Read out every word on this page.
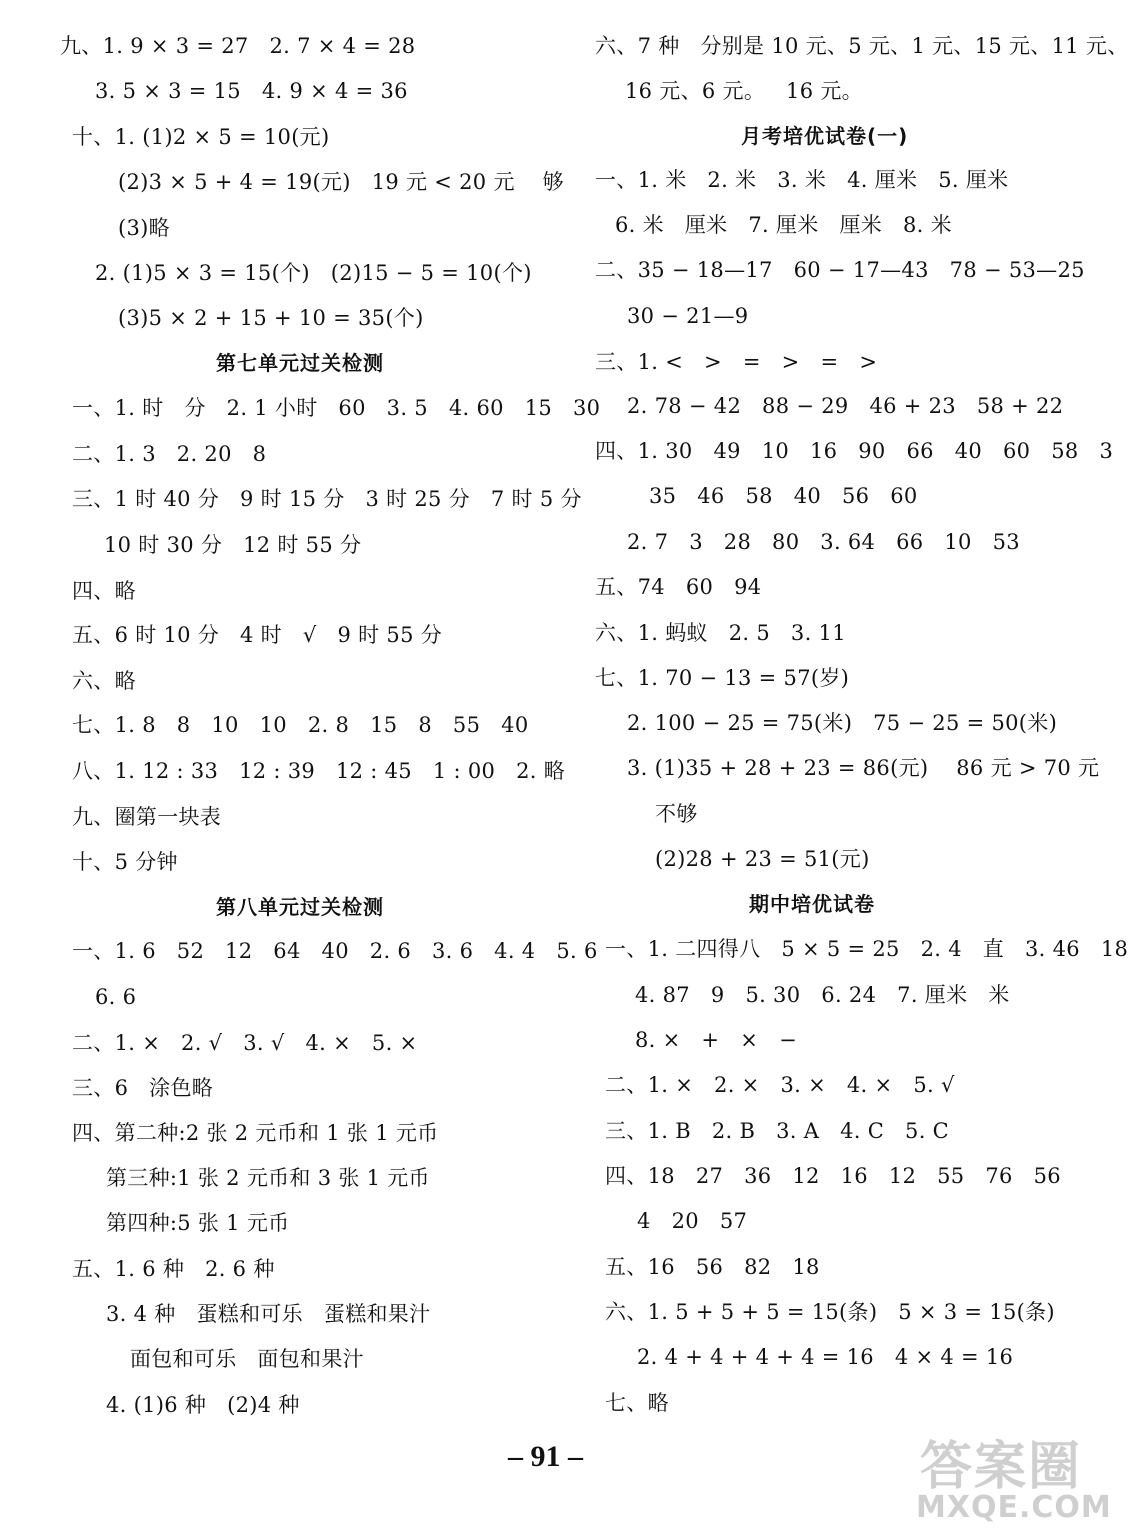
九、1. 9 × 3 = 27   2. 7 × 4 = 28
3. 5 × 3 = 15   4. 9 × 4 = 36
十、1. (1)2 × 5 = 10(元)
(2)3 × 5 + 4 = 19(元)   19 元 < 20 元    够
(3)略
2. (1)5 × 3 = 15(个)   (2)15 − 5 = 10(个)
(3)5 × 2 + 15 + 10 = 35(个)
第七单元过关检测
一、1. 时   分   2. 1 小时   60   3. 5   4. 60   15   30
二、1. 3   2. 20   8
三、1 时 40 分   9 时 15 分   3 时 25 分   7 时 5 分
10 时 30 分   12 时 55 分
四、略
五、6 时 10 分   4 时   √   9 时 55 分
六、略
七、1. 8   8   10   10   2. 8   15   8   55   40
八、1. 12 : 33   12 : 39   12 : 45   1 : 00   2. 略
九、圈第一块表
十、5 分钟
第八单元过关检测
一、1. 6   52   12   64   40   2. 6   3. 6   4. 4   5. 6
6. 6
二、1. ×   2. √   3. √   4. ×   5. ×
三、6   涂色略
四、第二种:2 张 2 元币和 1 张 1 元币
第三种:1 张 2 元币和 3 张 1 元币
第四种:5 张 1 元币
五、1. 6 种   2. 6 种
3. 4 种   蛋糕和可乐   蛋糕和果汁
面包和可乐   面包和果汁
4. (1)6 种   (2)4 种
六、7 种   分别是 10 元、5 元、1 元、15 元、11 元、
16 元、6 元。   16 元。
月考培优试卷(一)
一、1. 米   2. 米   3. 米   4. 厘米   5. 厘米
6. 米   厘米   7. 厘米   厘米   8. 米
二、35 − 18—17   60 − 17—43   78 − 53—25
30 − 21—9
三、1. <   >   =   >   =   >
2. 78 − 42   88 − 29   46 + 23   58 + 22
四、1. 30   49   10   16   90   66   40   60   58   3
35   46   58   40   56   60
2. 7   3   28   80   3. 64   66   10   53
五、74   60   94
六、1. 蚂蚁   2. 5   3. 11
七、1. 70 − 13 = 57(岁)
2. 100 − 25 = 75(米)   75 − 25 = 50(米)
3. (1)35 + 28 + 23 = 86(元)    86 元 > 70 元
不够
(2)28 + 23 = 51(元)
期中培优试卷
一、1. 二四得八   5 × 5 = 25   2. 4   直   3. 46   18
4. 87   9   5. 30   6. 24   7. 厘米   米
8. ×   +   ×   −
二、1. ×   2. ×   3. ×   4. ×   5. √
三、1. B   2. B   3. A   4. C   5. C
四、18   27   36   12   16   12   55   76   56
4   20   57
五、16   56   82   18
六、1. 5 + 5 + 5 = 15(条)   5 × 3 = 15(条)
2. 4 + 4 + 4 + 4 = 16   4 × 4 = 16
七、略
– 91 –	答案圈
MXQE.COM
